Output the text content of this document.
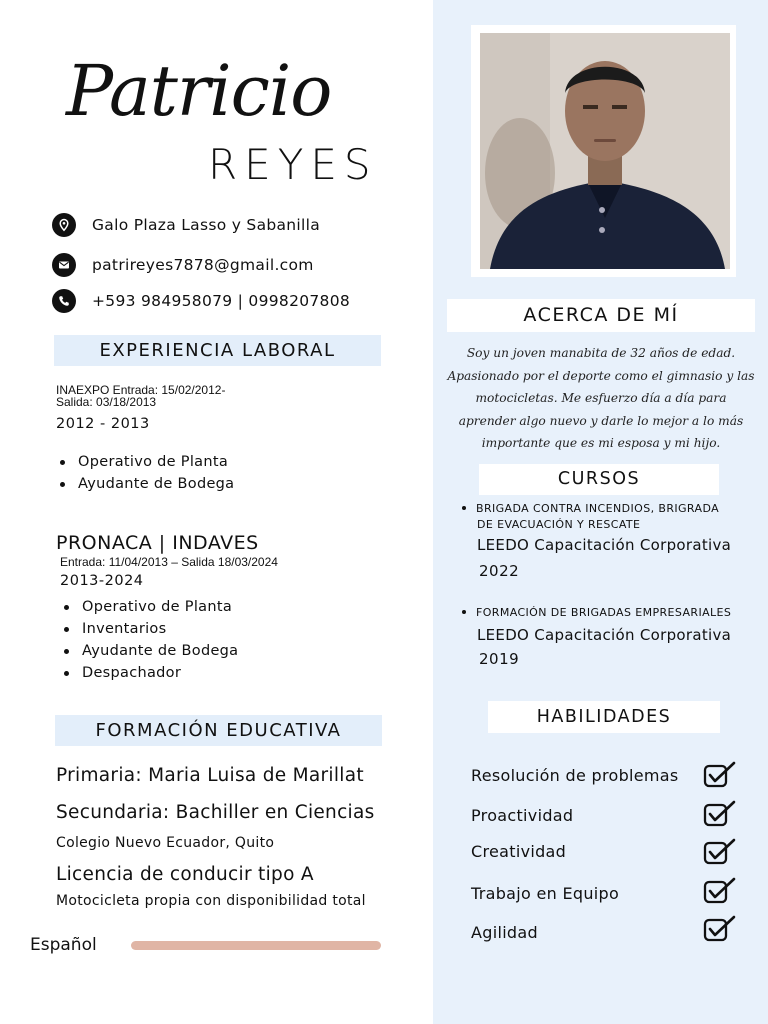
Patricio
REYES
Galo Plaza Lasso y Sabanilla
patrireyes7878@gmail.com
+593 984958079 | 0998207808
EXPERIENCIA LABORAL
INAEXPO Entrada: 15/02/2012-
Salida: 03/18/2013
2012 - 2013
Operativo de Planta
Ayudante de Bodega
PRONACA | INDAVES
Entrada: 11/04/2013 – Salida 18/03/2024
2013-2024
Operativo de Planta
Inventarios
Ayudante de Bodega
Despachador
FORMACIÓN EDUCATIVA
Primaria: Maria Luisa de Marillat
Secundaria: Bachiller en Ciencias
Colegio Nuevo Ecuador, Quito
Licencia de conducir tipo A
Motocicleta propia con disponibilidad total
Español
ACERCA DE MÍ
Soy un joven manabita de 32 años de edad. Apasionado por el deporte como el gimnasio y las motocicletas. Me esfuerzo día a día para aprender algo nuevo y darle lo mejor a lo más importante que es mi esposa y mi hijo.
CURSOS
BRIGADA CONTRA INCENDIOS, BRIGRADA
DE EVACUACIÓN Y RESCATE
LEEDO Capacitación Corporativa
2022
FORMACIÓN DE BRIGADAS EMPRESARIALES
LEEDO Capacitación Corporativa
2019
HABILIDADES
Resolución de problemas
Proactividad
Creatividad
Trabajo en Equipo
Agilidad
